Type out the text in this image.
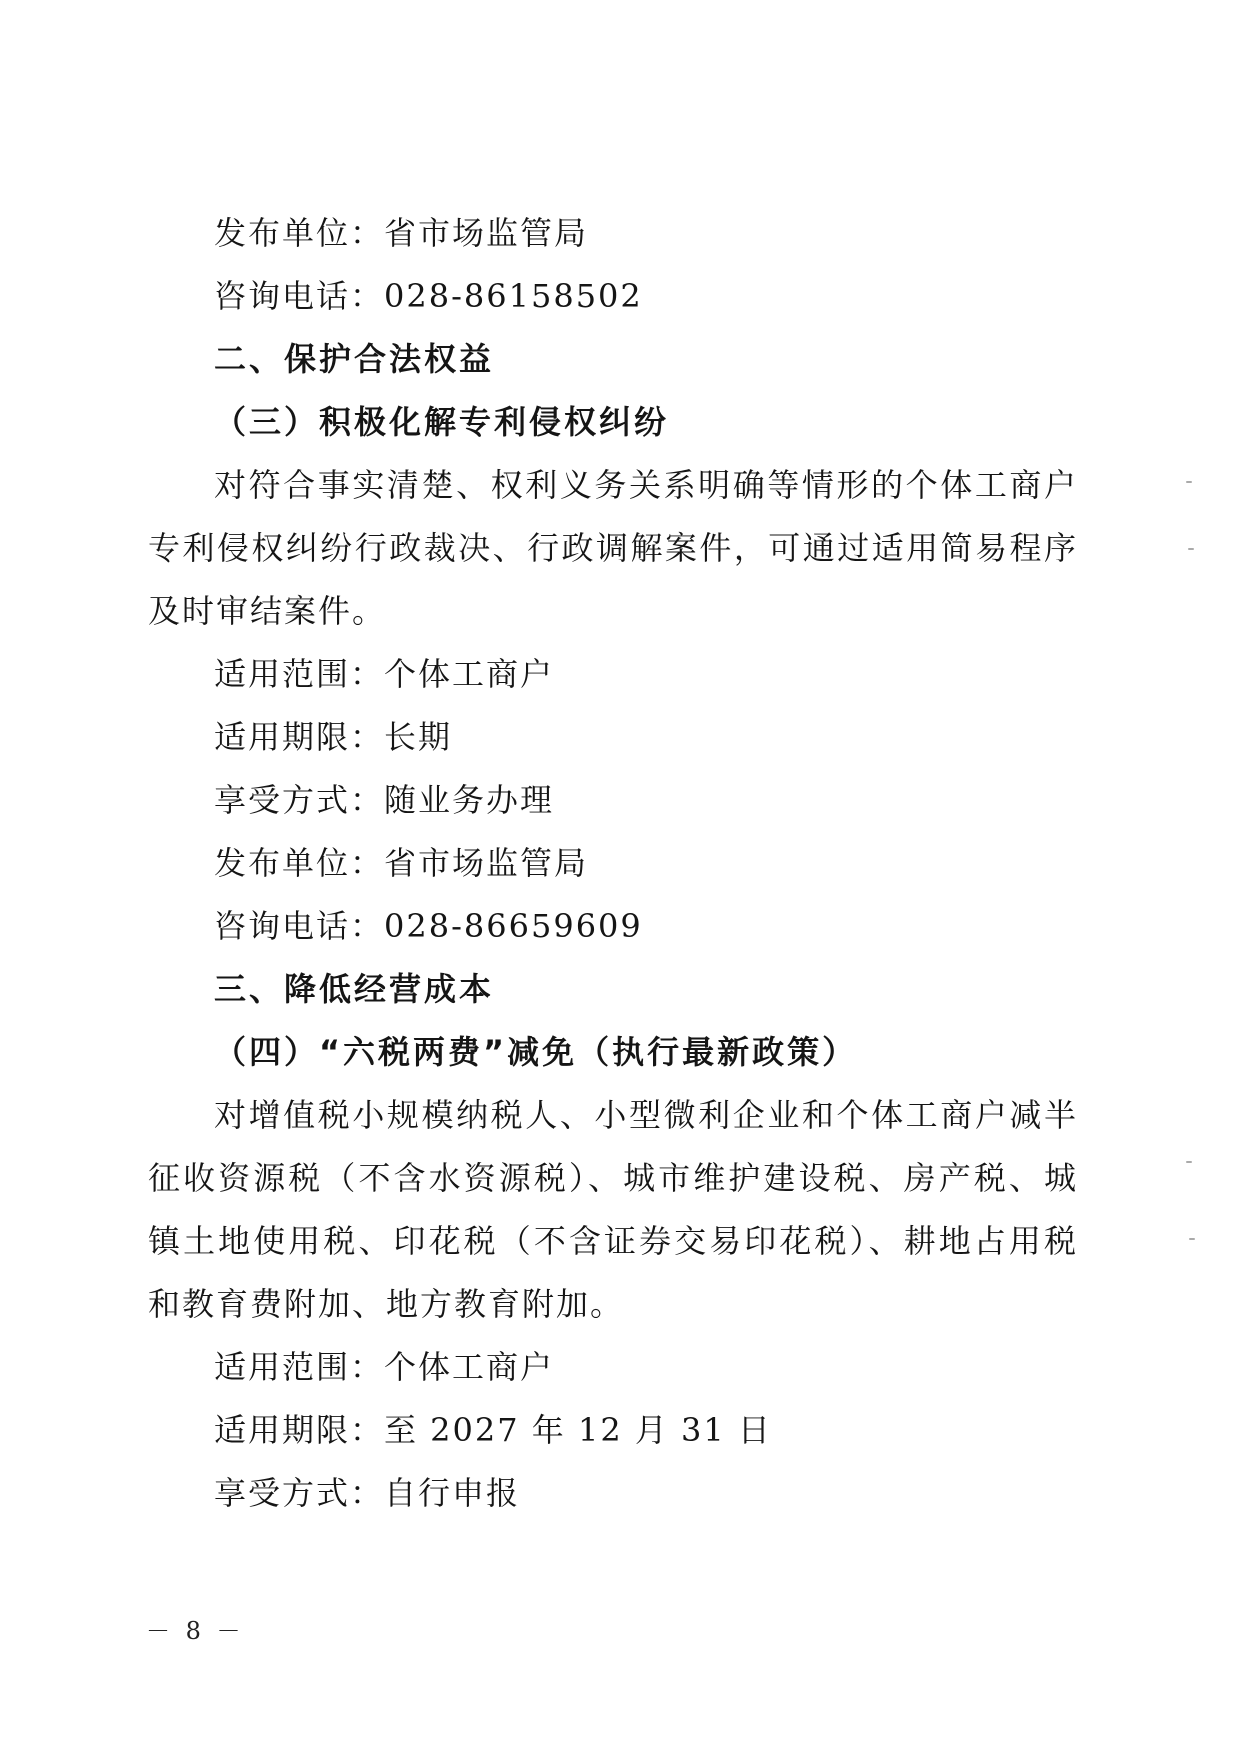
发布单位：省市场监管局
咨询电话：028-86158502
二、保护合法权益
（三）积极化解专利侵权纠纷

对符合事实清楚、权利义务关系明确等情形的个体工商户专利侵权纠纷行政裁决、行政调解案件，可通过适用简易程序及时审结案件。

适用范围：个体工商户
适用期限：长期
享受方式：随业务办理
发布单位：省市场监管局
咨询电话：028-86659609
三、降低经营成本
（四）“六税两费”减免（执行最新政策）

对增值税小规模纳税人、小型微利企业和个体工商户减半征收资源税（不含水资源税）、城市维护建设税、房产税、城镇土地使用税、印花税（不含证券交易印花税）、耕地占用税和教育费附加、地方教育附加。

适用范围：个体工商户
适用期限：至 2027 年 12 月 31 日
享受方式：自行申报
－ 8 －
